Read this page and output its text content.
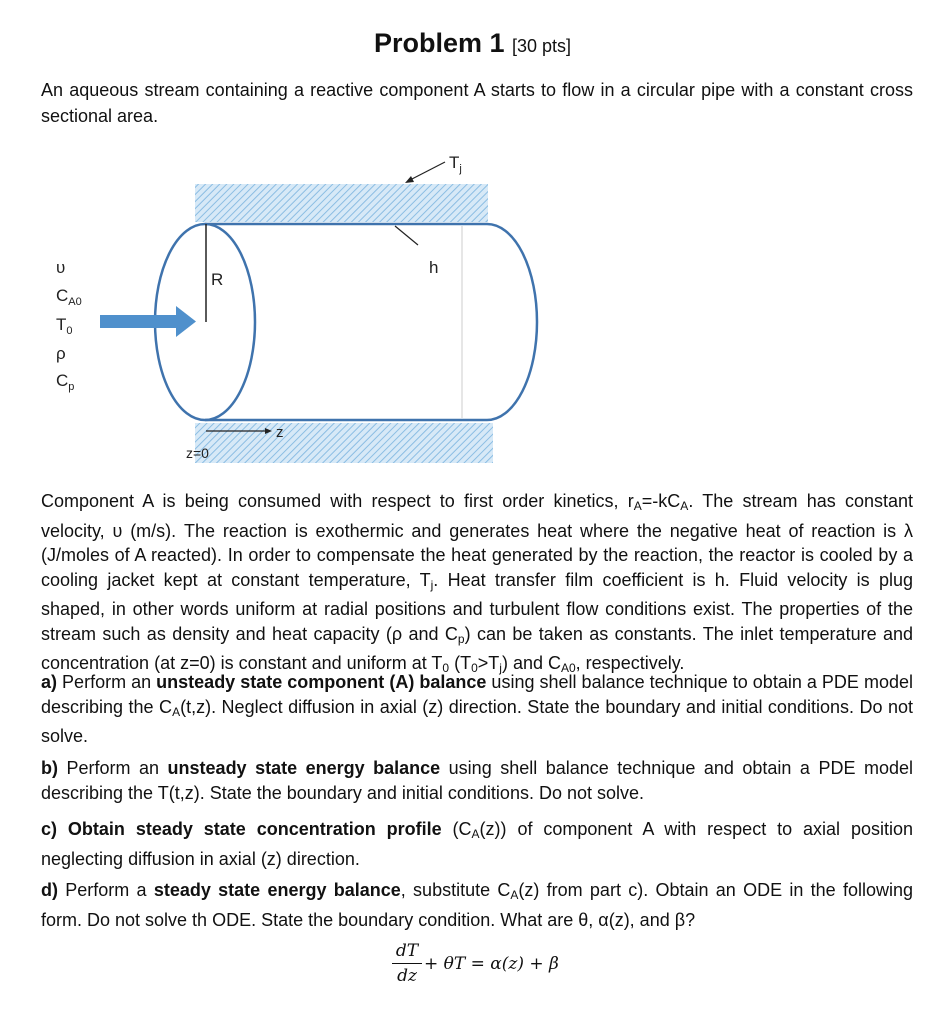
Problem 1 [30 pts]
An aqueous stream containing a reactive component A starts to flow in a circular pipe with a constant cross sectional area.
$T_j$
h
R
z
z=0
υ
$C_{A0}$
$T_0$
ρ
$C_p$
Component A is being consumed with respect to first order kinetics, $r_A=-kC_A$. The stream has constant velocity, υ (m/s). The reaction is exothermic and generates heat where the negative heat of reaction is λ (J/moles of A reacted). In order to compensate the heat generated by the reaction, the reactor is cooled by a cooling jacket kept at constant temperature, $T_j$. Heat transfer film coefficient is h. Fluid velocity is plug shaped, in other words uniform at radial positions and turbulent flow conditions exist. The properties of the stream such as density and heat capacity (ρ and $C_p$) can be taken as constants. The inlet temperature and concentration (at z=0) is constant and uniform at $T_0$ $(T_0>T_j)$ and $C_{A0}$, respectively.
a) Perform an unsteady state component (A) balance using shell balance technique to obtain a PDE model describing the $C_A(t,z)$. Neglect diffusion in axial (z) direction. State the boundary and initial conditions. Do not solve.
b) Perform an unsteady state energy balance using shell balance technique and obtain a PDE model describing the T(t,z). State the boundary and initial conditions. Do not solve.
c) Obtain steady state concentration profile $(C_A(z))$ of component A with respect to axial position neglecting diffusion in axial (z) direction.
d) Perform a steady state energy balance, substitute $C_A(z)$ from part c). Obtain an ODE in the following form. Do not solve th ODE. State the boundary condition. What are θ, α(z), and β?
dT
dz
+ θT = α(z) + β
